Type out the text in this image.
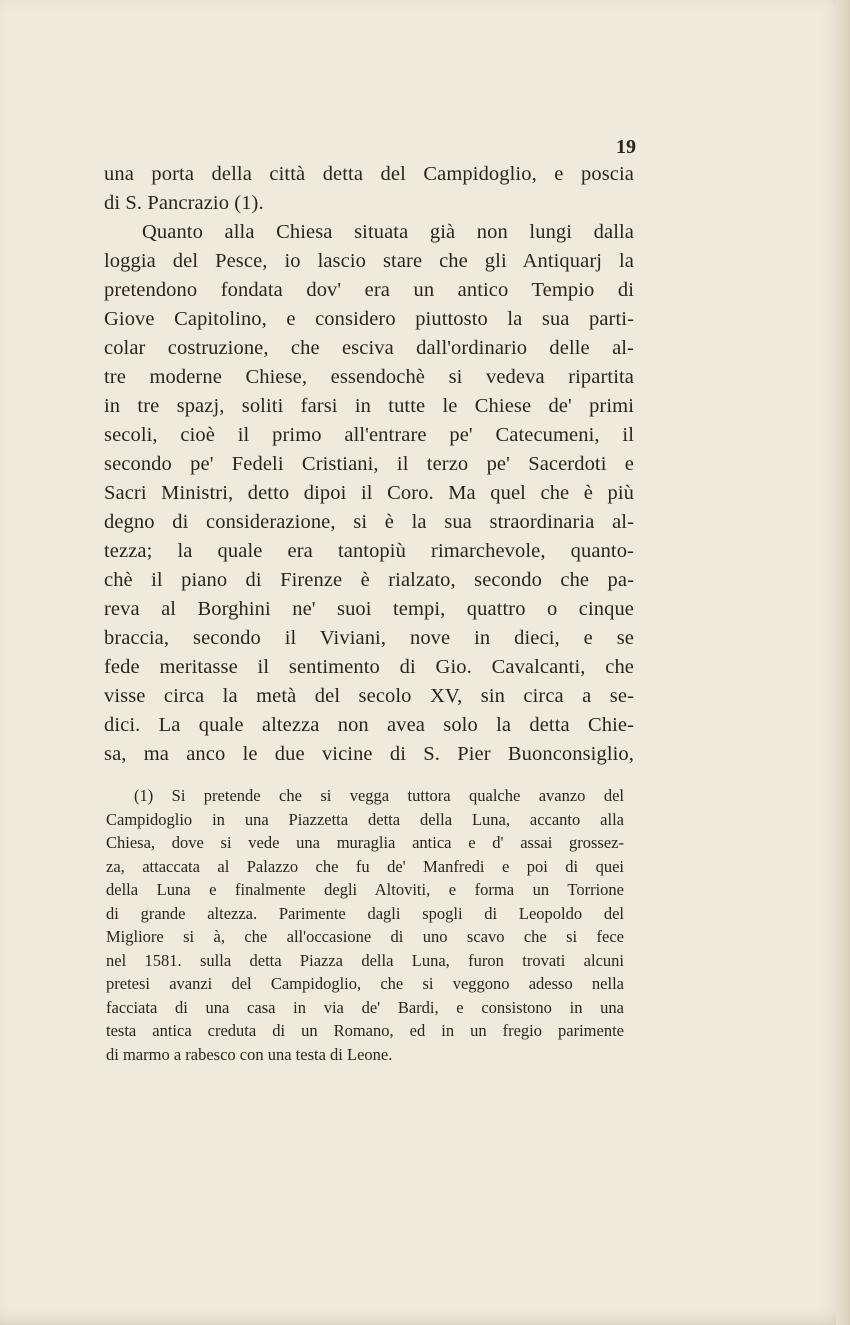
19
una porta della città detta del Campidoglio, e poscia
di S. Pancrazio (1).
Quanto alla Chiesa situata già non lungi dalla
loggia del Pesce, io lascio stare che gli Antiquarj la
pretendono fondata dov' era un antico Tempio di
Giove Capitolino, e considero piuttosto la sua parti-
colar costruzione, che esciva dall'ordinario delle al-
tre moderne Chiese, essendochè si vedeva ripartita
in tre spazj, soliti farsi in tutte le Chiese de' primi
secoli, cioè il primo all'entrare pe' Catecumeni, il
secondo pe' Fedeli Cristiani, il terzo pe' Sacerdoti e
Sacri Ministri, detto dipoi il Coro. Ma quel che è più
degno di considerazione, si è la sua straordinaria al-
tezza; la quale era tantopiù rimarchevole, quanto-
chè il piano di Firenze è rialzato, secondo che pa-
reva al Borghini ne' suoi tempi, quattro o cinque
braccia, secondo il Viviani, nove in dieci, e se
fede meritasse il sentimento di Gio. Cavalcanti, che
visse circa la metà del secolo XV, sin circa a se-
dici. La quale altezza non avea solo la detta Chie-
sa, ma anco le due vicine di S. Pier Buonconsiglio,
(1) Si pretende che si vegga tuttora qualche avanzo del
Campidoglio in una Piazzetta detta della Luna, accanto alla
Chiesa, dove si vede una muraglia antica e d' assai grossez-
za, attaccata al Palazzo che fu de' Manfredi e poi di quei
della Luna e finalmente degli Altoviti, e forma un Torrione
di grande altezza. Parimente dagli spogli di Leopoldo del
Migliore si à, che all'occasione di uno scavo che si fece
nel 1581. sulla detta Piazza della Luna, furon trovati alcuni
pretesi avanzi del Campidoglio, che si veggono adesso nella
facciata di una casa in via de' Bardi, e consistono in una
testa antica creduta di un Romano, ed in un fregio parimente
di marmo a rabesco con una testa di Leone.
